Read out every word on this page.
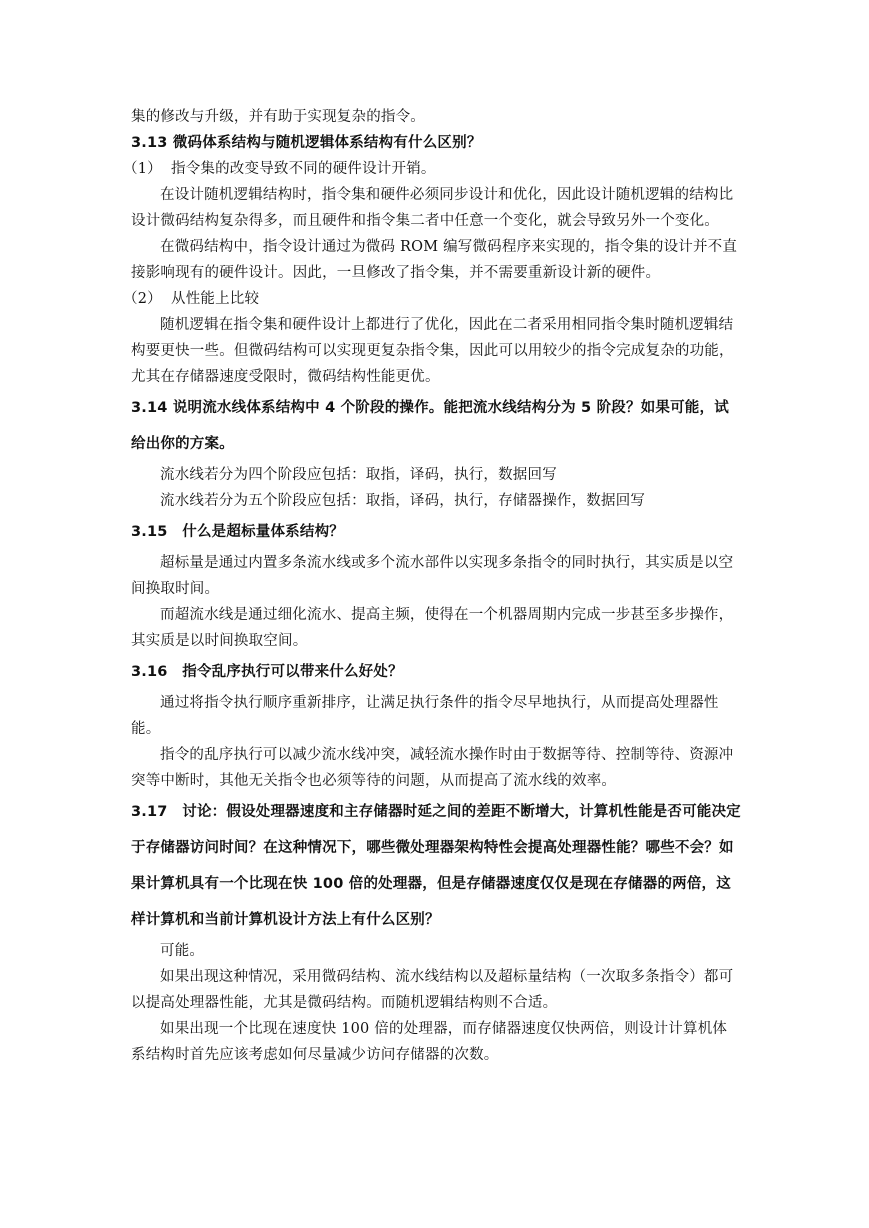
集的修改与升级，并有助于实现复杂的指令。

3.13 微码体系结构与随机逻辑体系结构有什么区别？

（1） 指令集的改变导致不同的硬件设计开销。

在设计随机逻辑结构时，指令集和硬件必须同步设计和优化，因此设计随机逻辑的结构比设计微码结构复杂得多，而且硬件和指令集二者中任意一个变化，就会导致另外一个变化。

在微码结构中，指令设计通过为微码 ROM 编写微码程序来实现的，指令集的设计并不直接影响现有的硬件设计。因此，一旦修改了指令集，并不需要重新设计新的硬件。

（2） 从性能上比较

随机逻辑在指令集和硬件设计上都进行了优化，因此在二者采用相同指令集时随机逻辑结构要更快一些。但微码结构可以实现更复杂指令集，因此可以用较少的指令完成复杂的功能，尤其在存储器速度受限时，微码结构性能更优。

3.14 说明流水线体系结构中 4 个阶段的操作。能把流水线结构分为 5 阶段？如果可能，试给出你的方案。

流水线若分为四个阶段应包括：取指，译码，执行，数据回写

流水线若分为五个阶段应包括：取指，译码，执行，存储器操作，数据回写

3.15　什么是超标量体系结构？

超标量是通过内置多条流水线或多个流水部件以实现多条指令的同时执行，其实质是以空间换取时间。

而超流水线是通过细化流水、提高主频，使得在一个机器周期内完成一步甚至多步操作，其实质是以时间换取空间。

3.16　指令乱序执行可以带来什么好处？

通过将指令执行顺序重新排序，让满足执行条件的指令尽早地执行，从而提高处理器性能。

指令的乱序执行可以减少流水线冲突，减轻流水操作时由于数据等待、控制等待、资源冲突等中断时，其他无关指令也必须等待的问题，从而提高了流水线的效率。

3.17　讨论：假设处理器速度和主存储器时延之间的差距不断增大，计算机性能是否可能决定于存储器访问时间？在这种情况下，哪些微处理器架构特性会提高处理器性能？哪些不会？如果计算机具有一个比现在快 100 倍的处理器，但是存储器速度仅仅是现在存储器的两倍，这样计算机和当前计算机设计方法上有什么区别？

可能。

如果出现这种情况，采用微码结构、流水线结构以及超标量结构（一次取多条指令）都可以提高处理器性能，尤其是微码结构。而随机逻辑结构则不合适。

如果出现一个比现在速度快 100 倍的处理器，而存储器速度仅快两倍，则设计计算机体系结构时首先应该考虑如何尽量减少访问存储器的次数。
